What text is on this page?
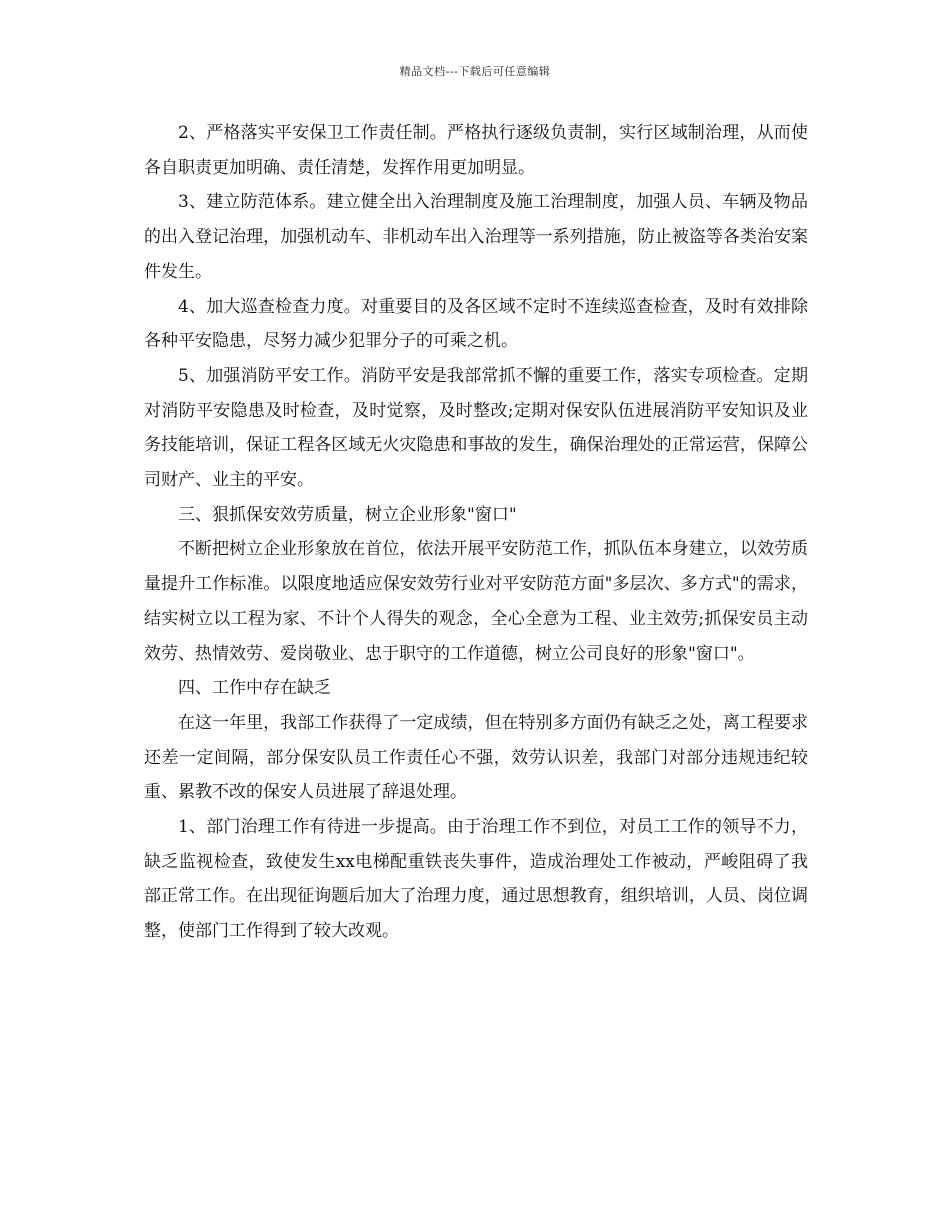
精品文档---下载后可任意编辑

2、严格落实平安保卫工作责任制。严格执行逐级负责制，实行区域制治理，从而使各自职责更加明确、责任清楚，发挥作用更加明显。

3、建立防范体系。建立健全出入治理制度及施工治理制度，加强人员、车辆及物品的出入登记治理，加强机动车、非机动车出入治理等一系列措施，防止被盗等各类治安案件发生。

4、加大巡查检查力度。对重要目的及各区域不定时不连续巡查检查，及时有效排除各种平安隐患，尽努力减少犯罪分子的可乘之机。

5、加强消防平安工作。消防平安是我部常抓不懈的重要工作，落实专项检查。定期对消防平安隐患及时检查，及时觉察，及时整改;定期对保安队伍进展消防平安知识及业务技能培训，保证工程各区域无火灾隐患和事故的发生，确保治理处的正常运营，保障公司财产、业主的平安。

三、狠抓保安效劳质量，树立企业形象"窗口"

不断把树立企业形象放在首位，依法开展平安防范工作，抓队伍本身建立，以效劳质量提升工作标准。以限度地适应保安效劳行业对平安防范方面"多层次、多方式"的需求，结实树立以工程为家、不计个人得失的观念，全心全意为工程、业主效劳;抓保安员主动效劳、热情效劳、爱岗敬业、忠于职守的工作道德，树立公司良好的形象"窗口"。

四、工作中存在缺乏

在这一年里，我部工作获得了一定成绩，但在特别多方面仍有缺乏之处，离工程要求还差一定间隔，部分保安队员工作责任心不强，效劳认识差，我部门对部分违规违纪较重、累教不改的保安人员进展了辞退处理。

1、部门治理工作有待进一步提高。由于治理工作不到位，对员工工作的领导不力，缺乏监视检查，致使发生xx电梯配重铁丧失事件，造成治理处工作被动，严峻阻碍了我部正常工作。在出现征询题后加大了治理力度，通过思想教育，组织培训，人员、岗位调整，使部门工作得到了较大改观。
